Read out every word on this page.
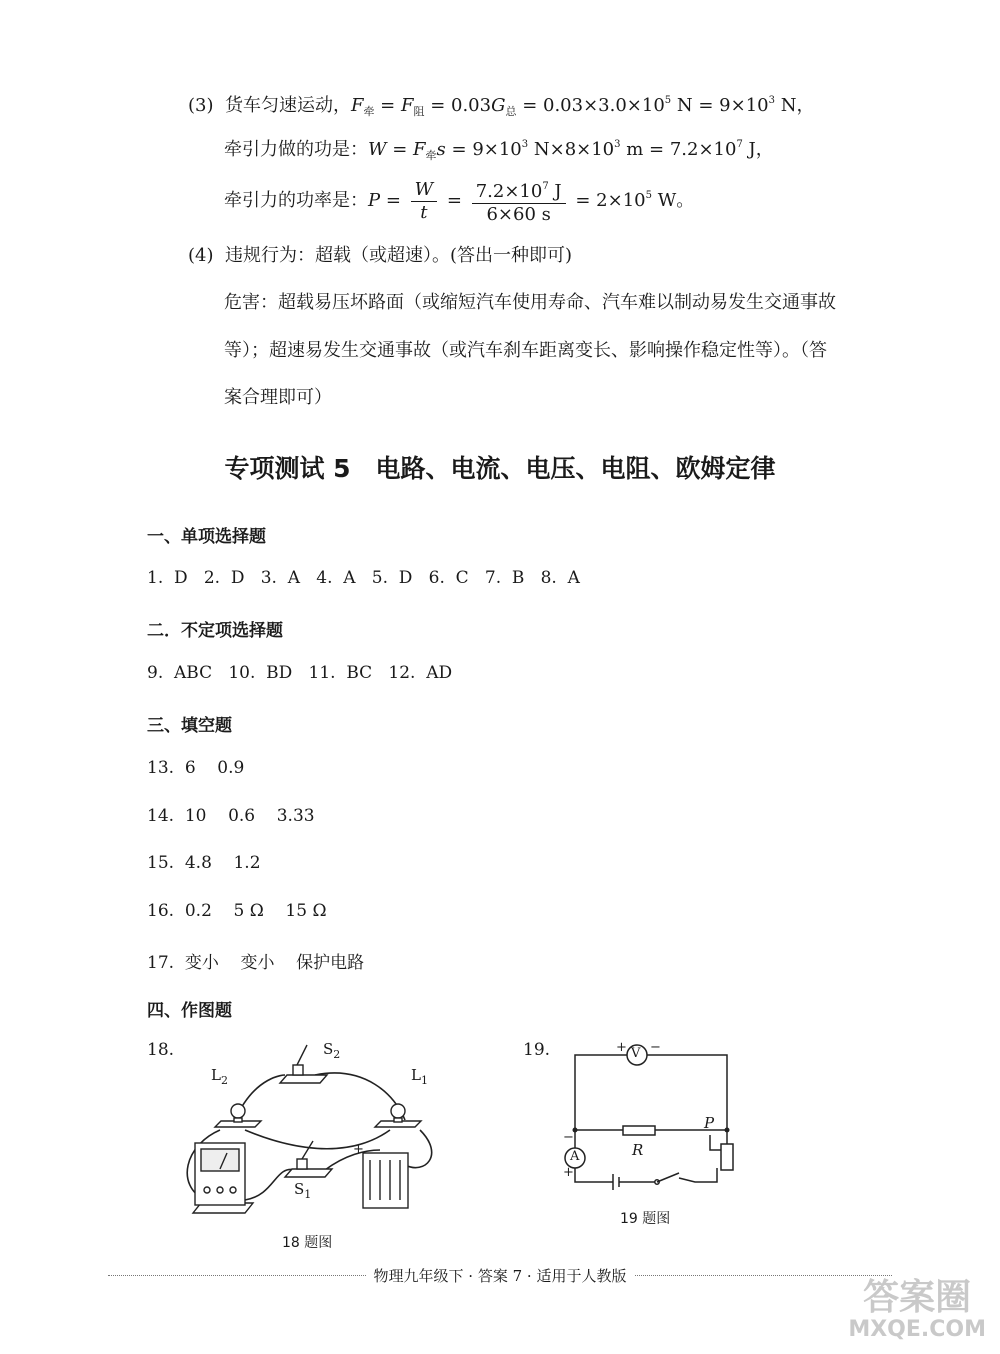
(3) 货车匀速运动，$F_牵 = F_阻 = 0.03G_总 = 0.03\times 3.0\times 10^5$ $N = 9\times 10^3$ N，
牵引力做的功是：$W = F_牵s = 9\times 10^3$ $N\times 8\times 10^3$ $m = 7.2\times 10^7$ J，
牵引力的功率是：$P = \frac{W}{t} = \frac{7.2\times 10^7 J}{6\times 60 s} = 2\times 10^5$ W。
(4) 违规行为：超载（或超速）。(答出一种即可)
危害：超载易压坏路面（或缩短汽车使用寿命、汽车难以制动易发生交通事故
等）；超速易发生交通事故（或汽车刹车距离变长、影响操作稳定性等）。（答
案合理即可）
专项测试 5　电路、电流、电压、电阻、欧姆定律
一、单项选择题
1.  D   2.  D   3.  A   4.  A   5.  D   6.  C   7.  B   8.  A
二．不定项选择题
9.  ABC   10.  BD   11.  BC   12.  AD
三、填空题
13.  6    0.9
14.  10    0.6    3.33
15.  4.8    1.2
16.  0.2    5 Ω    15 Ω
17.  变小    变小    保护电路
四、作图题
18.
+
$L_2$	$L_1$
$S_2$
$S_1$
18 题图
19.	V
+ −
A
−
+
R
P
19 题图
物理九年级下 · 答案 7 · 适用于人教版
答案圈
MXQE.COM
